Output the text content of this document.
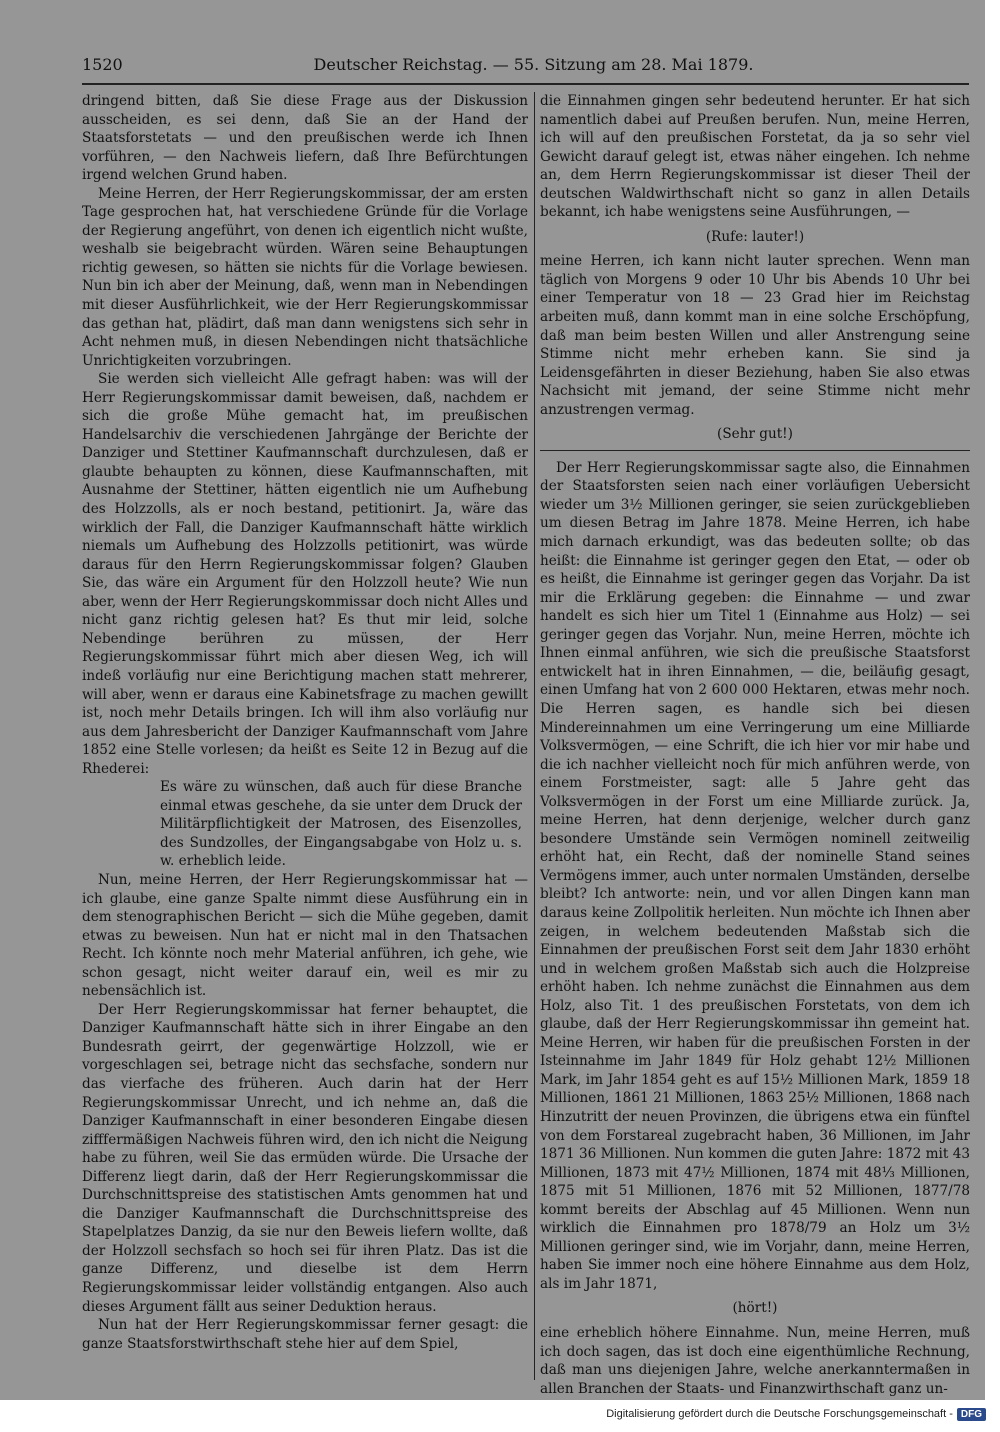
1520	Deutscher Reichstag. — 55. Sitzung am 28. Mai 1879.

dringend bitten, daß Sie diese Frage aus der Diskussion ausscheiden, es sei denn, daß Sie an der Hand der Staatsforstetats — und den preußischen werde ich Ihnen vorführen, — den Nachweis liefern, daß Ihre Befürchtungen irgend welchen Grund haben.

Meine Herren, der Herr Regierungskommissar, der am ersten Tage gesprochen hat, hat verschiedene Gründe für die Vorlage der Regierung angeführt, von denen ich eigentlich nicht wußte, weshalb sie beigebracht würden. Wären seine Behauptungen richtig gewesen, so hätten sie nichts für die Vorlage bewiesen. Nun bin ich aber der Meinung, daß, wenn man in Nebendingen mit dieser Ausführlichkeit, wie der Herr Regierungskommissar das gethan hat, plädirt, daß man dann wenigstens sich sehr in Acht nehmen muß, in diesen Nebendingen nicht thatsächliche Unrichtigkeiten vorzubringen.

Sie werden sich vielleicht Alle gefragt haben: was will der Herr Regierungskommissar damit beweisen, daß, nachdem er sich die große Mühe gemacht hat, im preußischen Handelsarchiv die verschiedenen Jahrgänge der Berichte der Danziger und Stettiner Kaufmannschaft durchzulesen, daß er glaubte behaupten zu können, diese Kaufmannschaften, mit Ausnahme der Stettiner, hätten eigentlich nie um Aufhebung des Holzzolls, als er noch bestand, petitionirt. Ja, wäre das wirklich der Fall, die Danziger Kaufmannschaft hätte wirklich niemals um Aufhebung des Holzzolls petitionirt, was würde daraus für den Herrn Regierungskommissar folgen? Glauben Sie, das wäre ein Argument für den Holzzoll heute? Wie nun aber, wenn der Herr Regierungskommissar doch nicht Alles und nicht ganz richtig gelesen hat? Es thut mir leid, solche Nebendinge berühren zu müssen, der Herr Regierungskommissar führt mich aber diesen Weg, ich will indeß vorläufig nur eine Berichtigung machen statt mehrerer, will aber, wenn er daraus eine Kabinetsfrage zu machen gewillt ist, noch mehr Details bringen. Ich will ihm also vorläufig nur aus dem Jahresbericht der Danziger Kaufmannschaft vom Jahre 1852 eine Stelle vorlesen; da heißt es Seite 12 in Bezug auf die Rhederei:

Es wäre zu wünschen, daß auch für diese Branche einmal etwas geschehe, da sie unter dem Druck der Militärpflichtigkeit der Matrosen, des Eisenzolles, des Sundzolles, der Eingangsabgabe von Holz u. s. w. erheblich leide.

Nun, meine Herren, der Herr Regierungskommissar hat — ich glaube, eine ganze Spalte nimmt diese Ausführung ein in dem stenographischen Bericht — sich die Mühe gegeben, damit etwas zu beweisen. Nun hat er nicht mal in den Thatsachen Recht. Ich könnte noch mehr Material anführen, ich gehe, wie schon gesagt, nicht weiter darauf ein, weil es mir zu nebensächlich ist.

Der Herr Regierungskommissar hat ferner behauptet, die Danziger Kaufmannschaft hätte sich in ihrer Eingabe an den Bundesrath geirrt, der gegenwärtige Holzzoll, wie er vorgeschlagen sei, betrage nicht das sechsfache, sondern nur das vierfache des früheren. Auch darin hat der Herr Regierungskommissar Unrecht, und ich nehme an, daß die Danziger Kaufmannschaft in einer besonderen Eingabe diesen zifffermäßigen Nachweis führen wird, den ich nicht die Neigung habe zu führen, weil Sie das ermüden würde. Die Ursache der Differenz liegt darin, daß der Herr Regierungskommissar die Durchschnittspreise des statistischen Amts genommen hat und die Danziger Kaufmannschaft die Durchschnittspreise des Stapelplatzes Danzig, da sie nur den Beweis liefern wollte, daß der Holzzoll sechsfach so hoch sei für ihren Platz. Das ist die ganze Differenz, und dieselbe ist dem Herrn Regierungskommissar leider vollständig entgangen. Also auch dieses Argument fällt aus seiner Deduktion heraus.

Nun hat der Herr Regierungskommissar ferner gesagt: die ganze Staatsforstwirthschaft stehe hier auf dem Spiel,

die Einnahmen gingen sehr bedeutend herunter. Er hat sich namentlich dabei auf Preußen berufen. Nun, meine Herren, ich will auf den preußischen Forstetat, da ja so sehr viel Gewicht darauf gelegt ist, etwas näher eingehen. Ich nehme an, dem Herrn Regierungskommissar ist dieser Theil der deutschen Waldwirthschaft nicht so ganz in allen Details bekannt, ich habe wenigstens seine Ausführungen, —

(Rufe: lauter!)

meine Herren, ich kann nicht lauter sprechen. Wenn man täglich von Morgens 9 oder 10 Uhr bis Abends 10 Uhr bei einer Temperatur von 18 — 23 Grad hier im Reichstag arbeiten muß, dann kommt man in eine solche Erschöpfung, daß man beim besten Willen und aller Anstrengung seine Stimme nicht mehr erheben kann. Sie sind ja Leidensgefährten in dieser Beziehung, haben Sie also etwas Nachsicht mit jemand, der seine Stimme nicht mehr anzustrengen vermag.

(Sehr gut!)

Der Herr Regierungskommissar sagte also, die Einnahmen der Staatsforsten seien nach einer vorläufigen Uebersicht wieder um 3½ Millionen geringer, sie seien zurückgeblieben um diesen Betrag im Jahre 1878. Meine Herren, ich habe mich darnach erkundigt, was das bedeuten sollte; ob das heißt: die Einnahme ist geringer gegen den Etat, — oder ob es heißt, die Einnahme ist geringer gegen das Vorjahr. Da ist mir die Erklärung gegeben: die Einnahme — und zwar handelt es sich hier um Titel 1 (Einnahme aus Holz) — sei geringer gegen das Vorjahr. Nun, meine Herren, möchte ich Ihnen einmal anführen, wie sich die preußische Staatsforst entwickelt hat in ihren Einnahmen, — die, beiläufig gesagt, einen Umfang hat von 2 600 000 Hektaren, etwas mehr noch. Die Herren sagen, es handle sich bei diesen Mindereinnahmen um eine Verringerung um eine Milliarde Volksvermögen, — eine Schrift, die ich hier vor mir habe und die ich nachher vielleicht noch für mich anführen werde, von einem Forstmeister, sagt: alle 5 Jahre geht das Volksvermögen in der Forst um eine Milliarde zurück. Ja, meine Herren, hat denn derjenige, welcher durch ganz besondere Umstände sein Vermögen nominell zeitweilig erhöht hat, ein Recht, daß der nominelle Stand seines Vermögens immer, auch unter normalen Umständen, derselbe bleibt? Ich antworte: nein, und vor allen Dingen kann man daraus keine Zollpolitik herleiten. Nun möchte ich Ihnen aber zeigen, in welchem bedeutenden Maßstab sich die Einnahmen der preußischen Forst seit dem Jahr 1830 erhöht und in welchem großen Maßstab sich auch die Holzpreise erhöht haben. Ich nehme zunächst die Einnahmen aus dem Holz, also Tit. 1 des preußischen Forstetats, von dem ich glaube, daß der Herr Regierungskommissar ihn gemeint hat. Meine Herren, wir haben für die preußischen Forsten in der Isteinnahme im Jahr 1849 für Holz gehabt 12½ Millionen Mark, im Jahr 1854 geht es auf 15½ Millionen Mark, 1859 18 Millionen, 1861 21 Millionen, 1863 25½ Millionen, 1868 nach Hinzutritt der neuen Provinzen, die übrigens etwa ein fünftel von dem Forstareal zugebracht haben, 36 Millionen, im Jahr 1871 36 Millionen. Nun kommen die guten Jahre: 1872 mit 43 Millionen, 1873 mit 47½ Millionen, 1874 mit 48⅓ Millionen, 1875 mit 51 Millionen, 1876 mit 52 Millionen, 1877/78 kommt bereits der Abschlag auf 45 Millionen. Wenn nun wirklich die Einnahmen pro 1878/79 an Holz um 3½ Millionen geringer sind, wie im Vorjahr, dann, meine Herren, haben Sie immer noch eine höhere Einnahme aus dem Holz, als im Jahr 1871,

(hört!)

eine erheblich höhere Einnahme. Nun, meine Herren, muß ich doch sagen, das ist doch eine eigenthümliche Rechnung, daß man uns diejenigen Jahre, welche anerkanntermaßen in allen Branchen der Staats- und Finanzwirthschaft ganz un-

Digitalisierung gefördert durch die Deutsche Forschungsgemeinschaft - DFG
